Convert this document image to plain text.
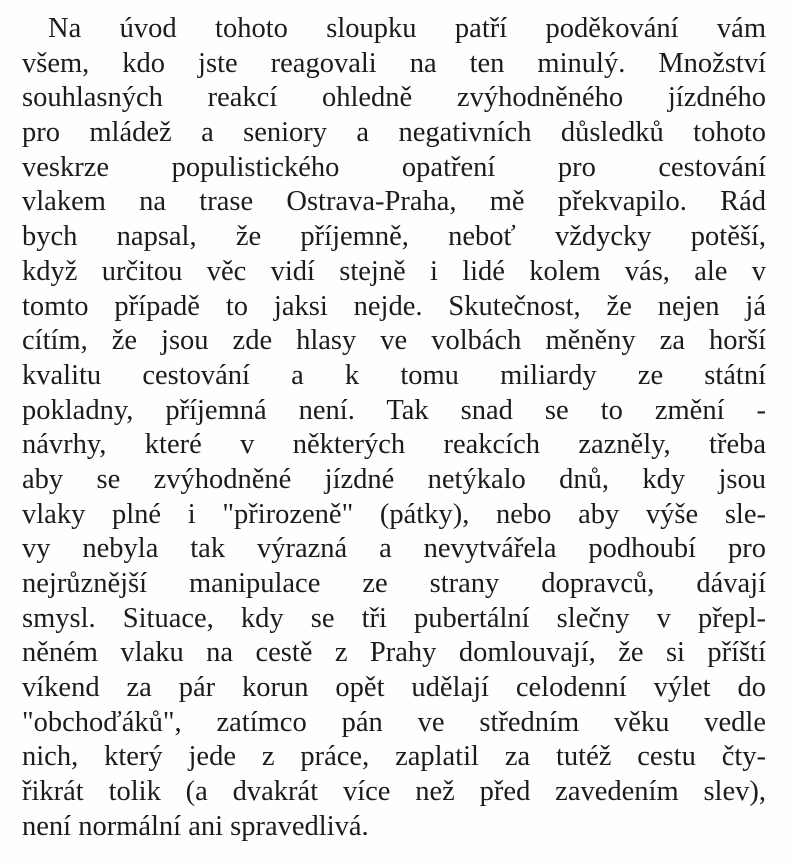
Na úvod tohoto sloupku patří poděkování vám
všem, kdo jste reagovali na ten minulý. Množství
souhlasných reakcí ohledně zvýhodněného jízdného
pro mládež a seniory a negativních důsledků tohoto
veskrze populistického opatření pro cestování
vlakem na trase Ostrava-Praha, mě překvapilo. Rád
bych napsal, že příjemně, neboť vždycky potěší,
když určitou věc vidí stejně i lidé kolem vás, ale v
tomto případě to jaksi nejde. Skutečnost, že nejen já
cítím, že jsou zde hlasy ve volbách měněny za horší
kvalitu cestování a k tomu miliardy ze státní
pokladny, příjemná není. Tak snad se to změní -
návrhy, které v některých reakcích zazněly, třeba
aby se zvýhodněné jízdné netýkalo dnů, kdy jsou
vlaky plné i "přirozeně" (pátky), nebo aby výše sle-
vy nebyla tak výrazná a nevytvářela podhoubí pro
nejrůznější manipulace ze strany dopravců, dávají
smysl. Situace, kdy se tři pubertální slečny v přepl-
něném vlaku na cestě z Prahy domlouvají, že si příští
víkend za pár korun opět udělají celodenní výlet do
"obchoďáků", zatímco pán ve středním věku vedle
nich, který jede z práce, zaplatil za tutéž cestu čty-
řikrát tolik (a dvakrát více než před zavedením slev),
není normální ani spravedlivá.
